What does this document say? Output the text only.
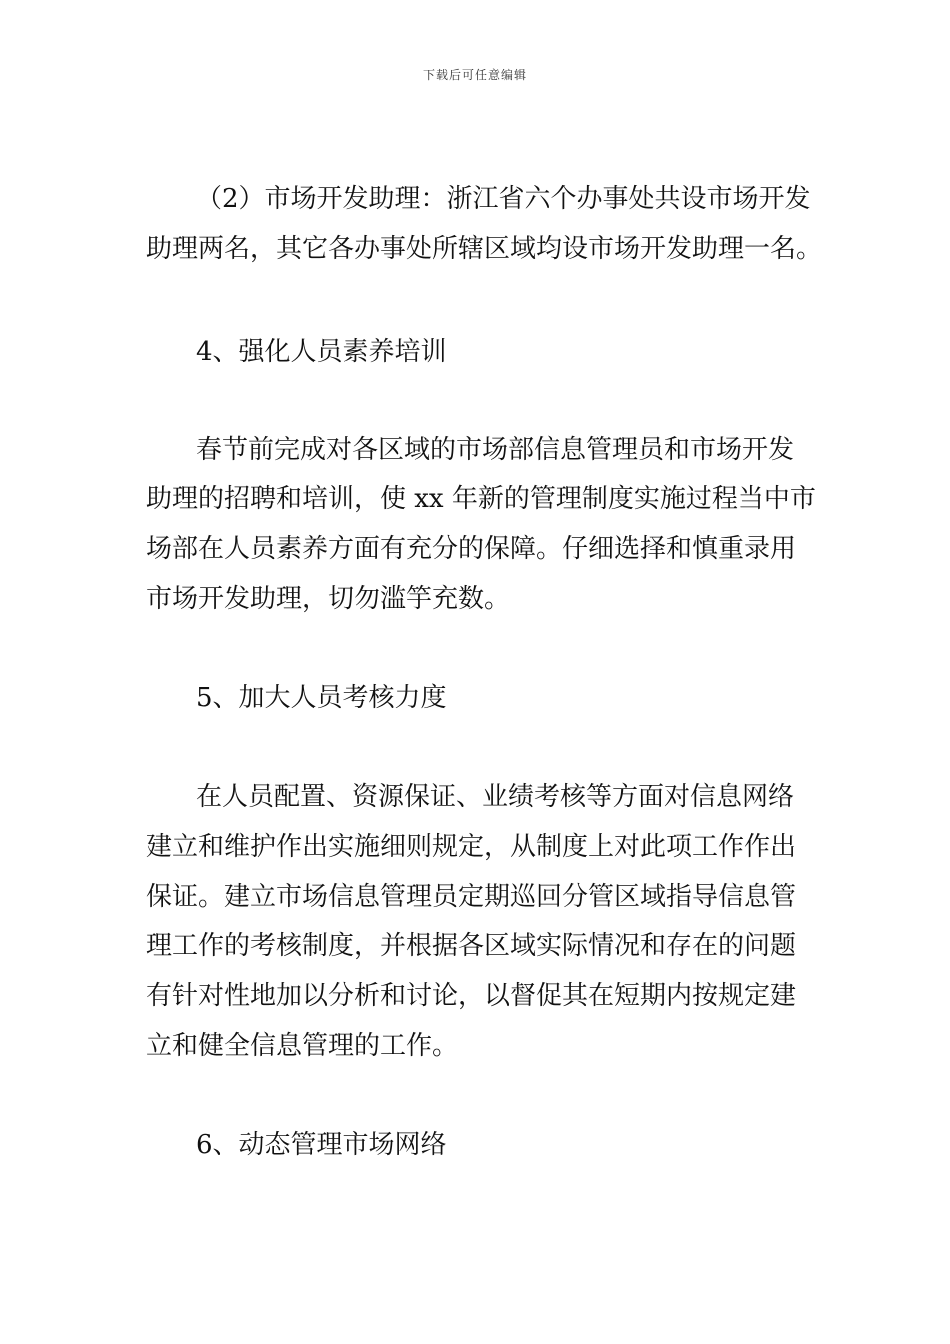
下载后可任意编辑
（2）市场开发助理：浙江省六个办事处共设市场开发
助理两名，其它各办事处所辖区域均设市场开发助理一名。
4、强化人员素养培训
春节前完成对各区域的市场部信息管理员和市场开发
助理的招聘和培训，使 xx 年新的管理制度实施过程当中市
场部在人员素养方面有充分的保障。仔细选择和慎重录用
市场开发助理，切勿滥竽充数。
5、加大人员考核力度
在人员配置、资源保证、业绩考核等方面对信息网络
建立和维护作出实施细则规定，从制度上对此项工作作出
保证。建立市场信息管理员定期巡回分管区域指导信息管
理工作的考核制度，并根据各区域实际情况和存在的问题
有针对性地加以分析和讨论，以督促其在短期内按规定建
立和健全信息管理的工作。
6、动态管理市场网络
